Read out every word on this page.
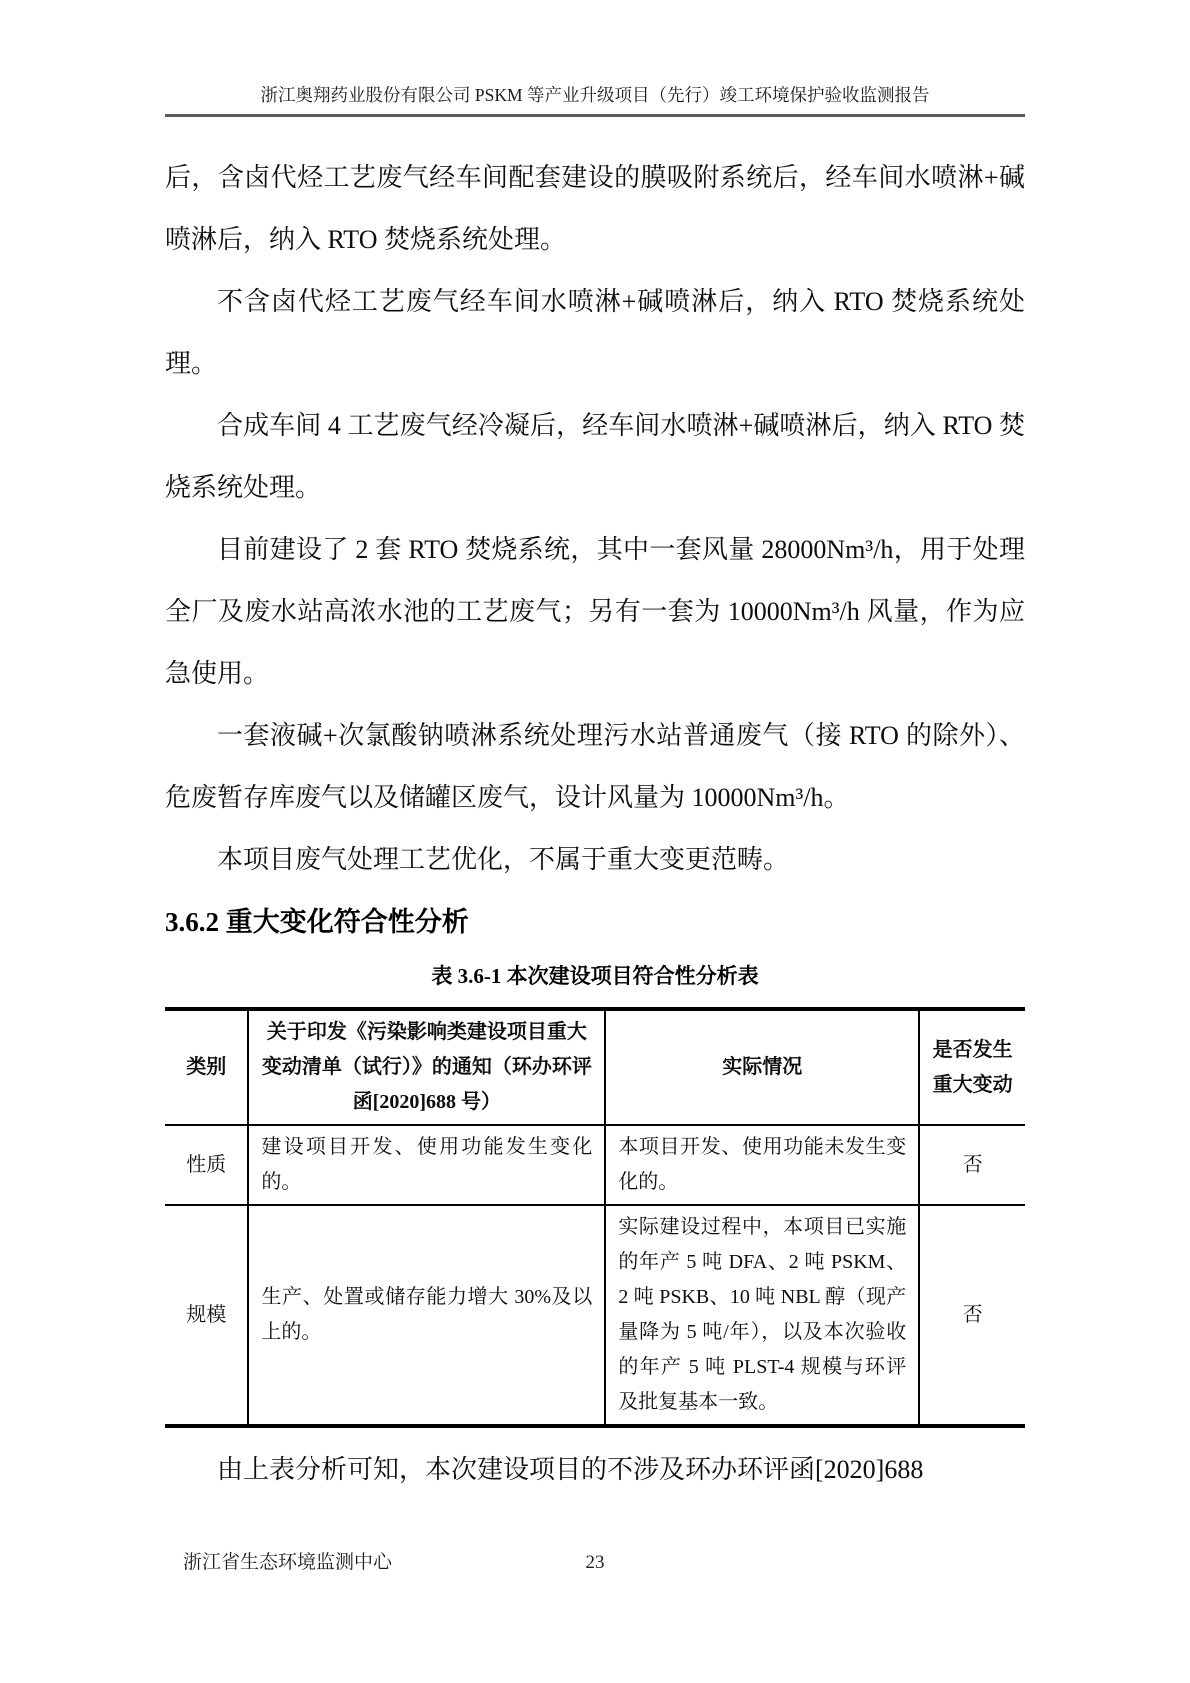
浙江奥翔药业股份有限公司 PSKM 等产业升级项目（先行）竣工环境保护验收监测报告

后，含卤代烃工艺废气经车间配套建设的膜吸附系统后，经车间水喷淋+碱喷淋后，纳入 RTO 焚烧系统处理。

不含卤代烃工艺废气经车间水喷淋+碱喷淋后，纳入 RTO 焚烧系统处理。

合成车间 4 工艺废气经冷凝后，经车间水喷淋+碱喷淋后，纳入 RTO 焚烧系统处理。

目前建设了 2 套 RTO 焚烧系统，其中一套风量 28000Nm³/h，用于处理全厂及废水站高浓水池的工艺废气；另有一套为 10000Nm³/h 风量，作为应急使用。

一套液碱+次氯酸钠喷淋系统处理污水站普通废气（接 RTO 的除外）、危废暂存库废气以及储罐区废气，设计风量为 10000Nm³/h。

本项目废气处理工艺优化，不属于重大变更范畴。

3.6.2 重大变化符合性分析
表 3.6-1 本次建设项目符合性分析表
类别	关于印发《污染影响类建设项目重大变动清单（试行）》的通知（环办环评函[2020]688 号）	实际情况	是否发生重大变动
性质	建设项目开发、使用功能发生变化的。	本项目开发、使用功能未发生变化的。	否
规模	生产、处置或储存能力增大 30%及以上的。	实际建设过程中，本项目已实施的年产 5 吨 DFA、2 吨 PSKM、2 吨 PSKB、10 吨 NBL 醇（现产量降为 5 吨/年），以及本次验收的年产 5 吨 PLST-4 规模与环评及批复基本一致。	否

由上表分析可知，本次建设项目的不涉及环办环评函[2020]688

浙江省生态环境监测中心	23
